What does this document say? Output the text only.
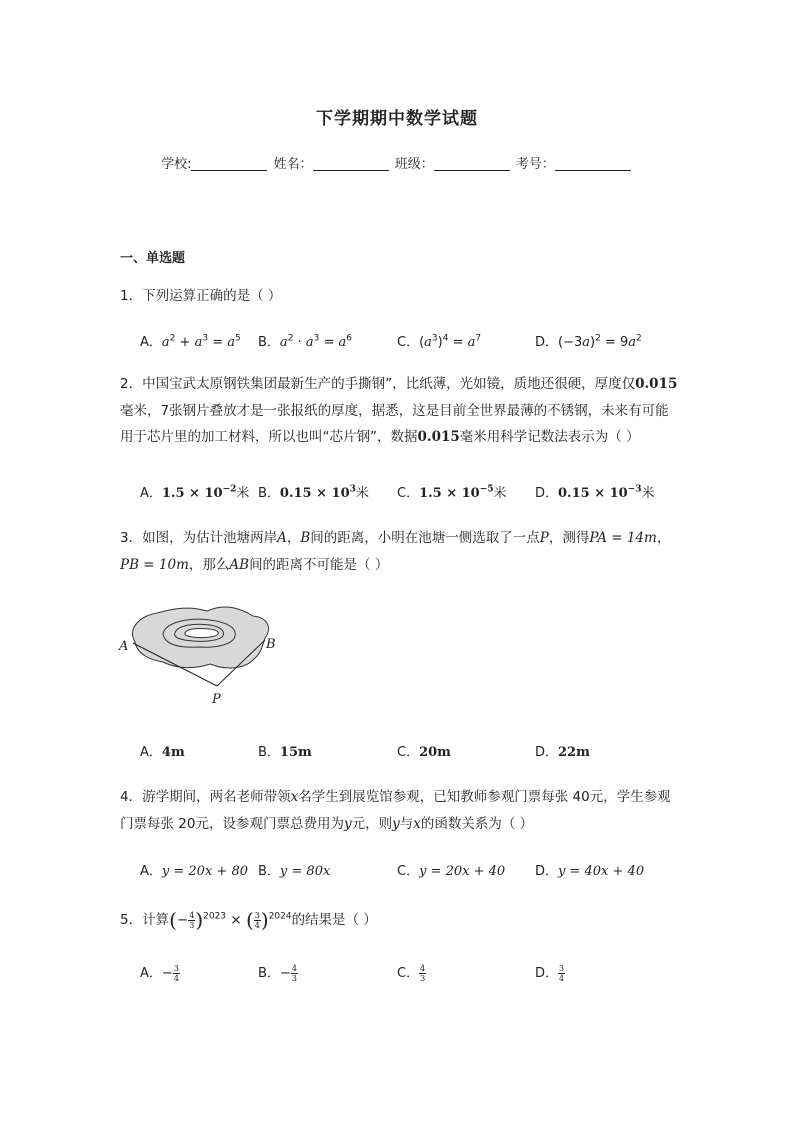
下学期期中数学试题
学校:	姓名：	班级：	考号：
一、单选题
1．下列运算正确的是（ ）
A．$a^2 + a^3 = a^5$ B．$a^2 \cdot a^3 = a^6$	C．$(a^3)^4 = a^7$	D．$(-3a)^2 = 9a^2$
2．中国宝武太原钢铁集团最新生产的手撕钢”，比纸薄，光如镜，质地还很硬，厚度仅0.015毫米，7张钢片叠放才是一张报纸的厚度，据悉，这是目前全世界最薄的不锈钢，未来有可能用于芯片里的加工材料，所以也叫“芯片钢”，数据0.015毫米用科学记数法表示为（ ）
A．$1.5 \times 10^{-2}$米 B．$0.15 \times 10^3$米 C．$1.5 \times 10^{-5}$米 D．$0.15 \times 10^{-3}$米
3．如图，为估计池塘两岸A，B间的距离，小明在池塘一侧选取了一点P，测得PA = 14m，PB = 10m，那么AB间的距离不可能是（ ）
A	B
P
A．4m	B．15m	C．20m	D．22m
4．游学期间，两名老师带领x名学生到展览馆参观，已知教师参观门票每张 40元，学生参观门票每张 20元，设参观门票总费用为y元，则y与x的函数关系为（ ）
A．y = 20x + 80 B．y = 80x	C．y = 20x + 40 D．y = 40x + 40
5．计算(− $\frac{4}{3} )^{2023}$ × ( $\frac{3}{4} )^{2024}$的结果是（ ）
A．− $\frac{3}{4}$	B．− $\frac{4}{3}$	C． $\frac{4}{3}$	D． $\frac{3}{4}$
